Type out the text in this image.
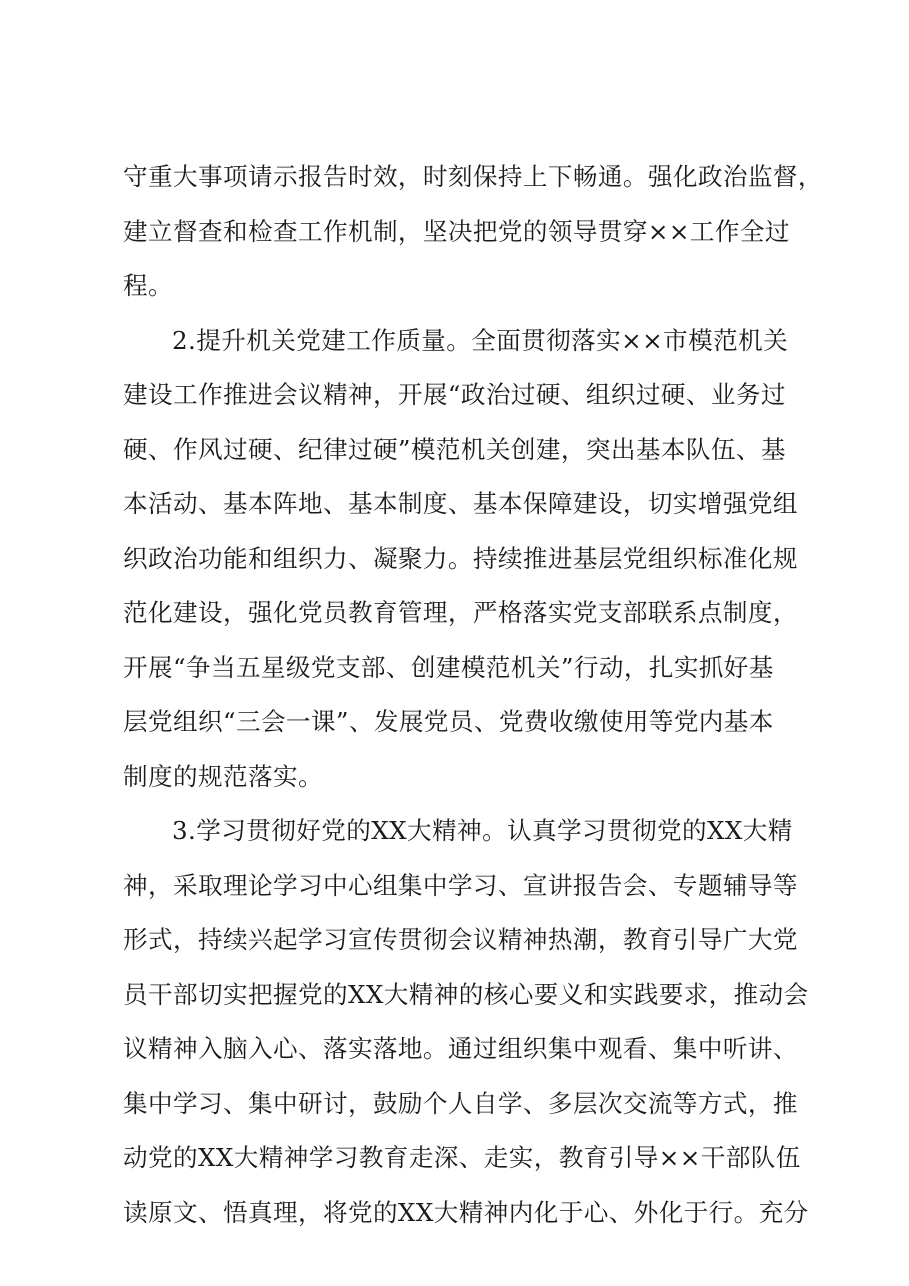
守重大事项请示报告时效，时刻保持上下畅通。强化政治监督，
建立督查和检查工作机制，坚决把党的领导贯穿××工作全过
程。
2.提升机关党建工作质量。全面贯彻落实××市模范机关
建设工作推进会议精神，开展“政治过硬、组织过硬、业务过
硬、作风过硬、纪律过硬”模范机关创建，突出基本队伍、基
本活动、基本阵地、基本制度、基本保障建设，切实增强党组
织政治功能和组织力、凝聚力。持续推进基层党组织标准化规
范化建设，强化党员教育管理，严格落实党支部联系点制度，
开展“争当五星级党支部、创建模范机关”行动，扎实抓好基
层党组织“三会一课”、发展党员、党费收缴使用等党内基本
制度的规范落实。
3.学习贯彻好党的XX大精神。认真学习贯彻党的XX大精
神，采取理论学习中心组集中学习、宣讲报告会、专题辅导等
形式，持续兴起学习宣传贯彻会议精神热潮，教育引导广大党
员干部切实把握党的XX大精神的核心要义和实践要求，推动会
议精神入脑入心、落实落地。通过组织集中观看、集中听讲、
集中学习、集中研讨，鼓励个人自学、多层次交流等方式，推
动党的XX大精神学习教育走深、走实，教育引导××干部队伍
读原文、悟真理，将党的XX大精神内化于心、外化于行。充分
